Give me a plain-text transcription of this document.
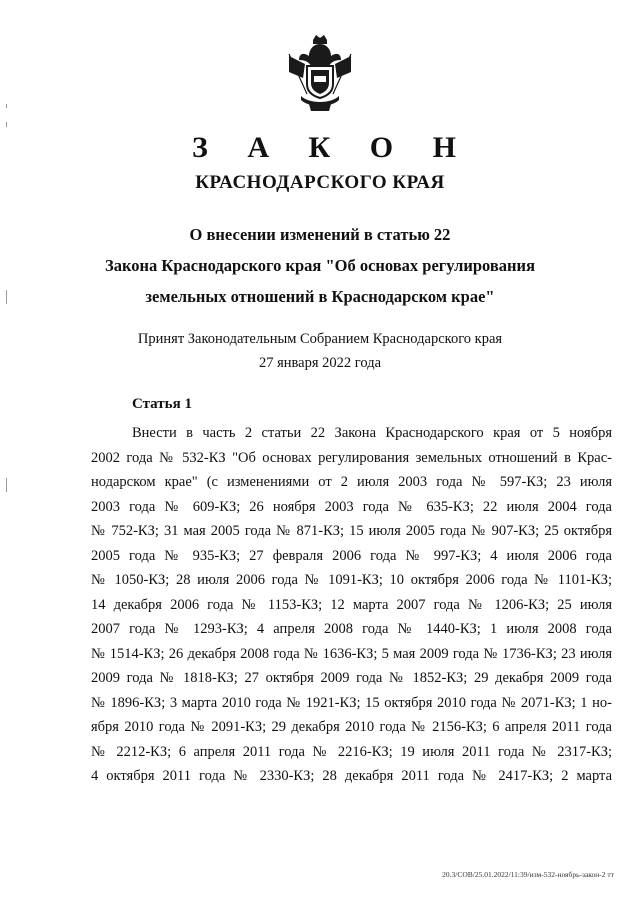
З А К О Н
КРАСНОДАРСКОГО КРАЯ
О внесении изменений в статью 22
Закона Краснодарского края "Об основах регулирования
земельных отношений в Краснодарском крае"
Принят Законодательным Собранием Краснодарского края
27 января 2022 года
Статья 1
Внести в часть 2 статьи 22 Закона Краснодарского края от 5 ноября
2002 года № 532-КЗ "Об основах регулирования земельных отношений в Крас-
нодарском крае" (с изменениями от 2 июля 2003 года № 597-КЗ; 23 июля
2003 года № 609-КЗ; 26 ноября 2003 года № 635-КЗ; 22 июля 2004 года
№ 752-КЗ; 31 мая 2005 года № 871-КЗ; 15 июля 2005 года № 907-КЗ; 25 октября
2005 года № 935-КЗ; 27 февраля 2006 года № 997-КЗ; 4 июля 2006 года
№ 1050-КЗ; 28 июля 2006 года № 1091-КЗ; 10 октября 2006 года № 1101-КЗ;
14 декабря 2006 года № 1153-КЗ; 12 марта 2007 года № 1206-КЗ; 25 июля
2007 года № 1293-КЗ; 4 апреля 2008 года № 1440-КЗ; 1 июля 2008 года
№ 1514-КЗ; 26 декабря 2008 года № 1636-КЗ; 5 мая 2009 года № 1736-КЗ; 23 июля
2009 года № 1818-КЗ; 27 октября 2009 года № 1852-КЗ; 29 декабря 2009 года
№ 1896-КЗ; 3 марта 2010 года № 1921-КЗ; 15 октября 2010 года № 2071-КЗ; 1 но-
ября 2010 года № 2091-КЗ; 29 декабря 2010 года № 2156-КЗ; 6 апреля 2011 года
№ 2212-КЗ; 6 апреля 2011 года № 2216-КЗ; 19 июля 2011 года № 2317-КЗ;
4 октября 2011 года № 2330-КЗ; 28 декабря 2011 года № 2417-КЗ; 2 марта
20.3/СОВ/25.01.2022/11:39/изм-532-ноябрь-закон-2 тт
